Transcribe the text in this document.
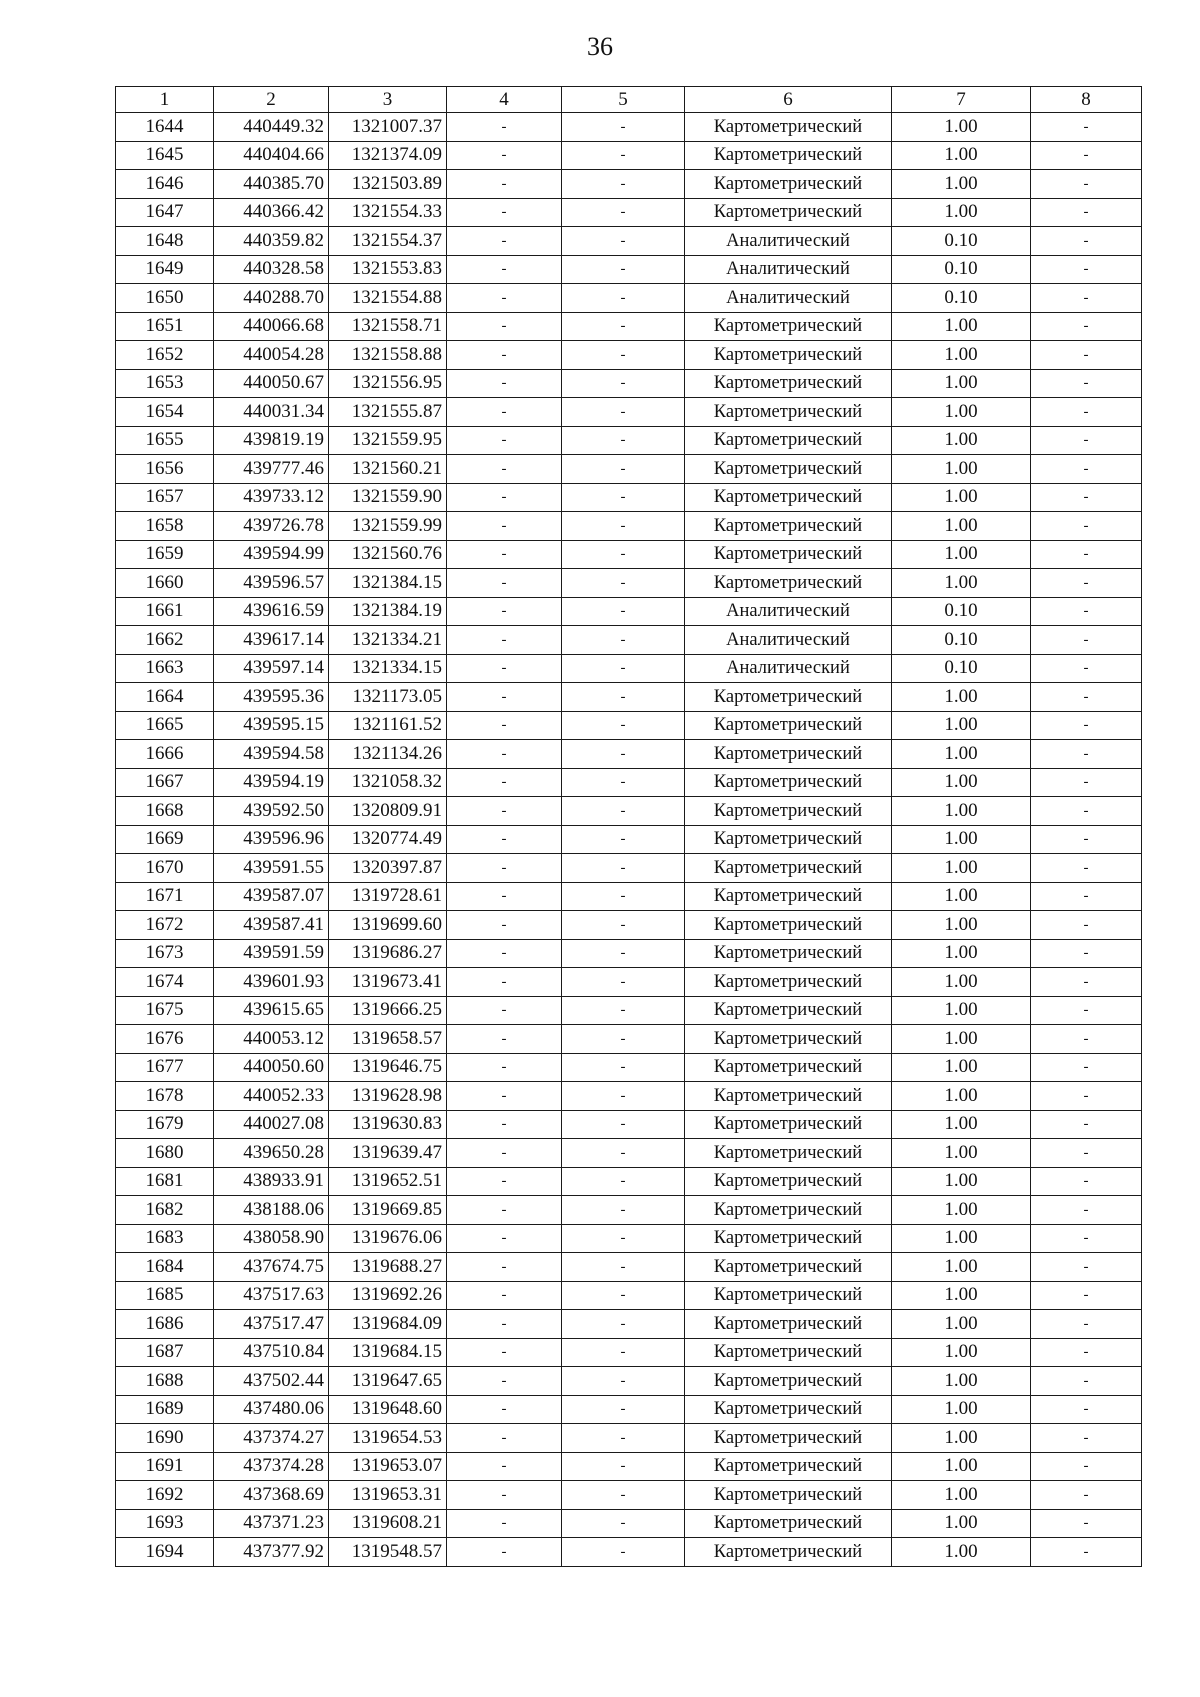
36
1	2	3	4	5	6	7	8
1644	440449.32	1321007.37	-	-	Картометрический	1.00	-
1645	440404.66	1321374.09	-	-	Картометрический	1.00	-
1646	440385.70	1321503.89	-	-	Картометрический	1.00	-
1647	440366.42	1321554.33	-	-	Картометрический	1.00	-
1648	440359.82	1321554.37	-	-	Аналитический	0.10	-
1649	440328.58	1321553.83	-	-	Аналитический	0.10	-
1650	440288.70	1321554.88	-	-	Аналитический	0.10	-
1651	440066.68	1321558.71	-	-	Картометрический	1.00	-
1652	440054.28	1321558.88	-	-	Картометрический	1.00	-
1653	440050.67	1321556.95	-	-	Картометрический	1.00	-
1654	440031.34	1321555.87	-	-	Картометрический	1.00	-
1655	439819.19	1321559.95	-	-	Картометрический	1.00	-
1656	439777.46	1321560.21	-	-	Картометрический	1.00	-
1657	439733.12	1321559.90	-	-	Картометрический	1.00	-
1658	439726.78	1321559.99	-	-	Картометрический	1.00	-
1659	439594.99	1321560.76	-	-	Картометрический	1.00	-
1660	439596.57	1321384.15	-	-	Картометрический	1.00	-
1661	439616.59	1321384.19	-	-	Аналитический	0.10	-
1662	439617.14	1321334.21	-	-	Аналитический	0.10	-
1663	439597.14	1321334.15	-	-	Аналитический	0.10	-
1664	439595.36	1321173.05	-	-	Картометрический	1.00	-
1665	439595.15	1321161.52	-	-	Картометрический	1.00	-
1666	439594.58	1321134.26	-	-	Картометрический	1.00	-
1667	439594.19	1321058.32	-	-	Картометрический	1.00	-
1668	439592.50	1320809.91	-	-	Картометрический	1.00	-
1669	439596.96	1320774.49	-	-	Картометрический	1.00	-
1670	439591.55	1320397.87	-	-	Картометрический	1.00	-
1671	439587.07	1319728.61	-	-	Картометрический	1.00	-
1672	439587.41	1319699.60	-	-	Картометрический	1.00	-
1673	439591.59	1319686.27	-	-	Картометрический	1.00	-
1674	439601.93	1319673.41	-	-	Картометрический	1.00	-
1675	439615.65	1319666.25	-	-	Картометрический	1.00	-
1676	440053.12	1319658.57	-	-	Картометрический	1.00	-
1677	440050.60	1319646.75	-	-	Картометрический	1.00	-
1678	440052.33	1319628.98	-	-	Картометрический	1.00	-
1679	440027.08	1319630.83	-	-	Картометрический	1.00	-
1680	439650.28	1319639.47	-	-	Картометрический	1.00	-
1681	438933.91	1319652.51	-	-	Картометрический	1.00	-
1682	438188.06	1319669.85	-	-	Картометрический	1.00	-
1683	438058.90	1319676.06	-	-	Картометрический	1.00	-
1684	437674.75	1319688.27	-	-	Картометрический	1.00	-
1685	437517.63	1319692.26	-	-	Картометрический	1.00	-
1686	437517.47	1319684.09	-	-	Картометрический	1.00	-
1687	437510.84	1319684.15	-	-	Картометрический	1.00	-
1688	437502.44	1319647.65	-	-	Картометрический	1.00	-
1689	437480.06	1319648.60	-	-	Картометрический	1.00	-
1690	437374.27	1319654.53	-	-	Картометрический	1.00	-
1691	437374.28	1319653.07	-	-	Картометрический	1.00	-
1692	437368.69	1319653.31	-	-	Картометрический	1.00	-
1693	437371.23	1319608.21	-	-	Картометрический	1.00	-
1694	437377.92	1319548.57	-	-	Картометрический	1.00	-
